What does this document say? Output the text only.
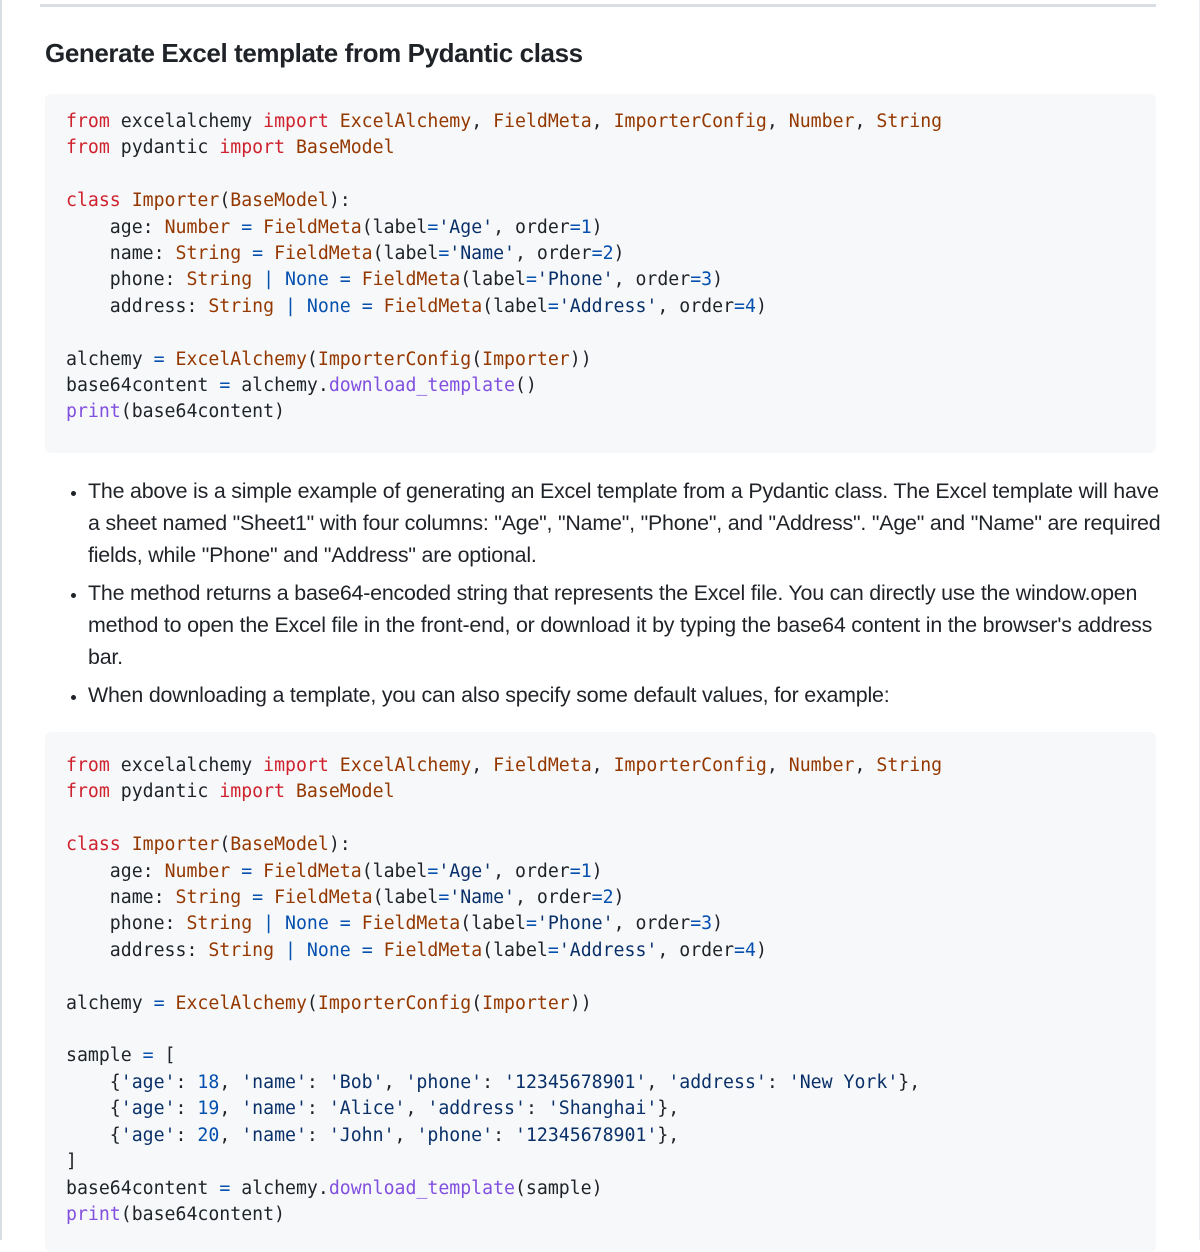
Generate Excel template from Pydantic class
from excelalchemy import ExcelAlchemy, FieldMeta, ImporterConfig, Number, String
from pydantic import BaseModel

class Importer(BaseModel):
age: Number = FieldMeta(label='Age', order=1)
name: String = FieldMeta(label='Name', order=2)
phone: String | None = FieldMeta(label='Phone', order=3)
address: String | None = FieldMeta(label='Address', order=4)

alchemy = ExcelAlchemy(ImporterConfig(Importer))
base64content = alchemy.download_template()
print(base64content)
• The above is a simple example of generating an Excel template from a Pydantic class. The Excel template will have a sheet named "Sheet1" with four columns: "Age", "Name", "Phone", and "Address". "Age" and "Name" are required fields, while "Phone" and "Address" are optional.
• The method returns a base64-encoded string that represents the Excel file. You can directly use the window.open method to open the Excel file in the front-end, or download it by typing the base64 content in the browser's address bar.
• When downloading a template, you can also specify some default values, for example:
from excelalchemy import ExcelAlchemy, FieldMeta, ImporterConfig, Number, String
from pydantic import BaseModel

class Importer(BaseModel):
age: Number = FieldMeta(label='Age', order=1)
name: String = FieldMeta(label='Name', order=2)
phone: String | None = FieldMeta(label='Phone', order=3)
address: String | None = FieldMeta(label='Address', order=4)

alchemy = ExcelAlchemy(ImporterConfig(Importer))

sample = [
{'age': 18, 'name': 'Bob', 'phone': '12345678901', 'address': 'New York'},
{'age': 19, 'name': 'Alice', 'address': 'Shanghai'},
{'age': 20, 'name': 'John', 'phone': '12345678901'},
]
base64content = alchemy.download_template(sample)
print(base64content)
